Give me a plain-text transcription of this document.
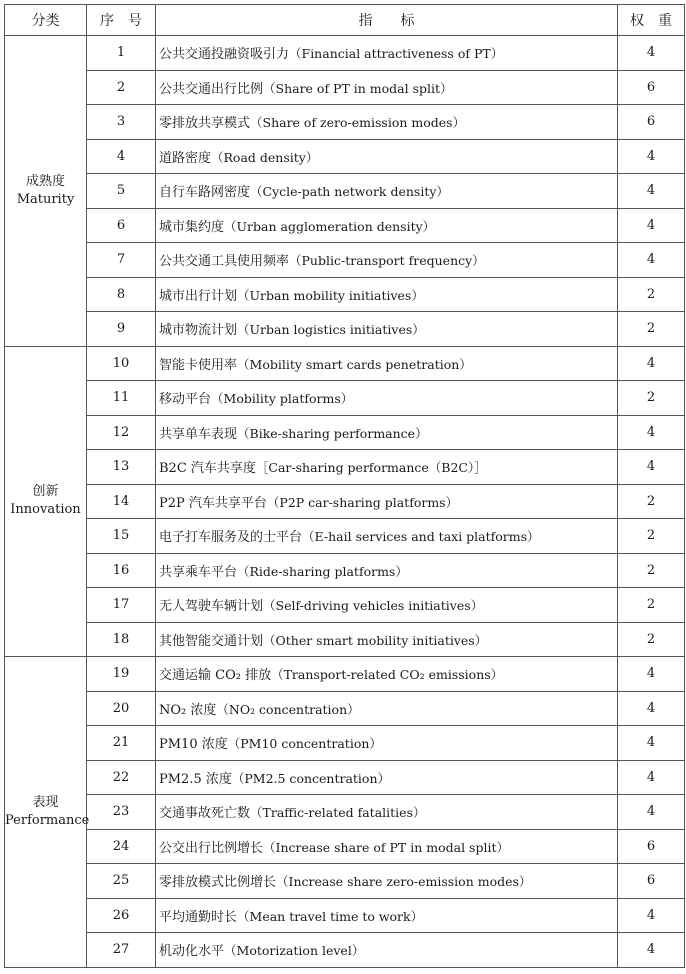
分类	序　号	指　　标	权　重

成熟度
Maturity	1	公共交通投融资吸引力（Financial attractiveness of PT）	4
	2	公共交通出行比例（Share of PT in modal split）	6
	3	零排放共享模式（Share of zero-emission modes）	6
	4	道路密度（Road density）	4
	5	自行车路网密度（Cycle-path network density）	4
	6	城市集约度（Urban agglomeration density）	4
	7	公共交通工具使用频率（Public-transport frequency）	4
	8	城市出行计划（Urban mobility initiatives）	2
	9	城市物流计划（Urban logistics initiatives）	2

创新
Innovation	10	智能卡使用率（Mobility smart cards penetration）	4
	11	移动平台（Mobility platforms）	2
	12	共享单车表现（Bike-sharing performance）	4
	13	B2C 汽车共享度［Car-sharing performance（B2C）］	4
	14	P2P 汽车共享平台（P2P car-sharing platforms）	2
	15	电子打车服务及的士平台（E-hail services and taxi platforms）	2
	16	共享乘车平台（Ride-sharing platforms）	2
	17	无人驾驶车辆计划（Self-driving vehicles initiatives）	2
	18	其他智能交通计划（Other smart mobility initiatives）	2

表现
Performance	19	交通运输 CO₂ 排放（Transport-related CO₂ emissions）	4
	20	NO₂ 浓度（NO₂ concentration）	4
	21	PM10 浓度（PM10 concentration）	4
	22	PM2.5 浓度（PM2.5 concentration）	4
	23	交通事故死亡数（Traffic-related fatalities）	4
	24	公交出行比例增长（Increase share of PT in modal split）	6
	25	零排放模式比例增长（Increase share zero-emission modes）	6
	26	平均通勤时长（Mean travel time to work）	4
	27	机动化水平（Motorization level）	4
